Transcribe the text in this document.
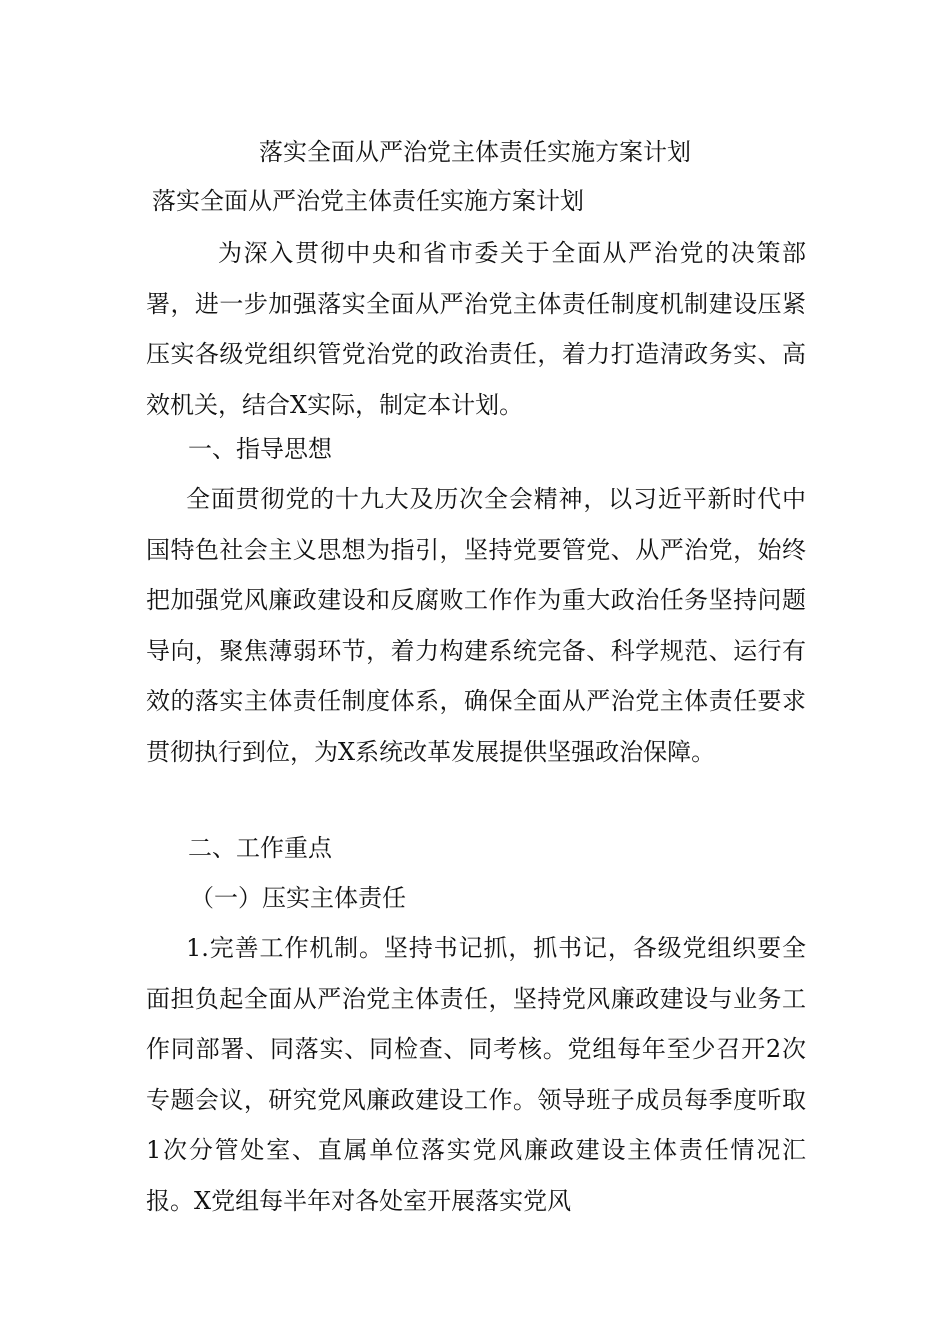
落实全面从严治党主体责任实施方案计划
落实全面从严治党主体责任实施方案计划
为深入贯彻中央和省市委关于全面从严治党的决策部署，进一步加强落实全面从严治党主体责任制度机制建设压紧压实各级党组织管党治党的政治责任，着力打造清政务实、高效机关，结合X实际，制定本计划。
一、指导思想
全面贯彻党的十九大及历次全会精神，以习近平新时代中国特色社会主义思想为指引，坚持党要管党、从严治党，始终把加强党风廉政建设和反腐败工作作为重大政治任务坚持问题导向，聚焦薄弱环节，着力构建系统完备、科学规范、运行有效的落实主体责任制度体系，确保全面从严治党主体责任要求贯彻执行到位，为X系统改革发展提供坚强政治保障。
二、工作重点
（一）压实主体责任
1.完善工作机制。坚持书记抓，抓书记，各级党组织要全面担负起全面从严治党主体责任，坚持党风廉政建设与业务工作同部署、同落实、同检查、同考核。党组每年至少召开2次专题会议，研究党风廉政建设工作。领导班子成员每季度听取1次分管处室、直属单位落实党风廉政建设主体责任情况汇报。X党组每半年对各处室开展落实党风
